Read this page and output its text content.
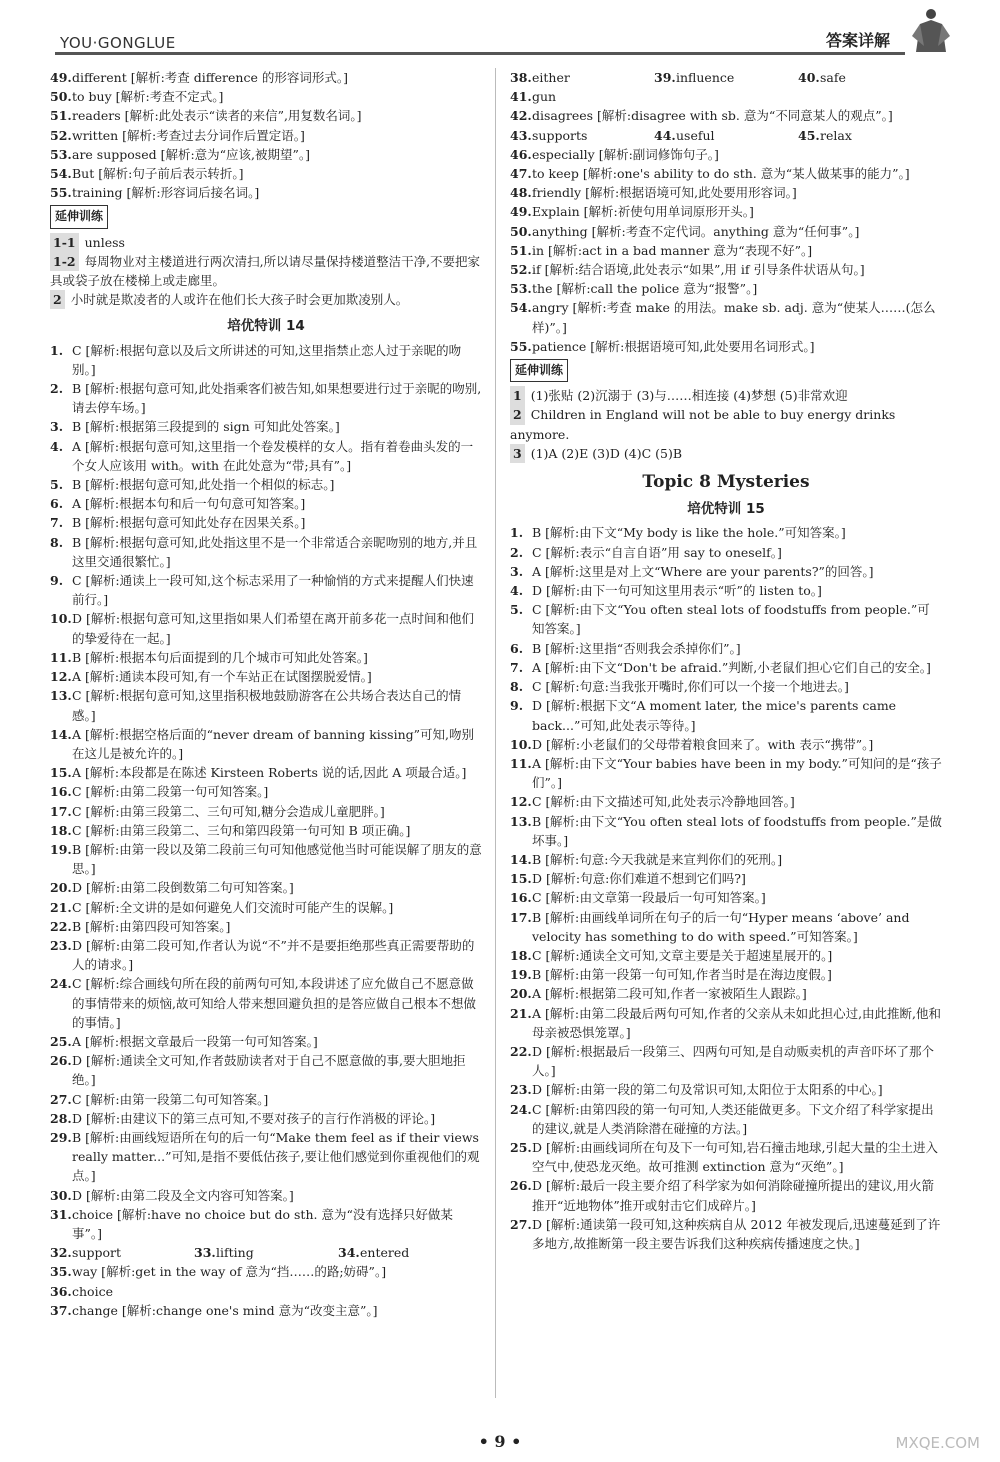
YOU·GONGLUE	答案详解
49.different [解析:考查 difference 的形容词形式。]
50.to buy [解析:考查不定式。]
51.readers [解析:此处表示“读者的来信”,用复数名词。]
52.written [解析:考查过去分词作后置定语。]
53.are supposed [解析:意为“应该,被期望”。]
54.But [解析:句子前后表示转折。]
55.training [解析:形容词后接名词。]
延伸训练
1-1 unless
1-2 每周物业对主楼道进行两次清扫,所以请尽量保持楼道整洁干净,不要把家具或袋子放在楼梯上或走廊里。
2 小时就是欺凌者的人或许在他们长大孩子时会更加欺凌别人。
培优特训 14
1. C [解析:根据句意以及后文所讲述的可知,这里指禁止恋人过于亲昵的吻别。]
2. B [解析:根据句意可知,此处指乘客们被告知,如果想要进行过于亲昵的吻别,请去停车场。]
3. B [解析:根据第三段提到的 sign 可知此处答案。]
4. A [解析:根据句意可知,这里指一个卷发模样的女人。指有着卷曲头发的一个女人应该用 with。with 在此处意为“带;具有”。]
5. B [解析:根据句意可知,此处指一个相似的标志。]
6. A [解析:根据本句和后一句句意可知答案。]
7. B [解析:根据句意可知此处存在因果关系。]
8. B [解析:根据句意可知,此处指这里不是一个非常适合亲昵吻别的地方,并且这里交通很繁忙。]
9. C [解析:通读上一段可知,这个标志采用了一种愉悄的方式来提醒人们快速前行。]
10.D [解析:根据句意可知,这里指如果人们希望在离开前多花一点时间和他们的挚爱待在一起。]
11.B [解析:根据本句后面提到的几个城市可知此处答案。]
12.A [解析:通读本段可知,有一个车站正在试图摆脱爱情。]
13.C [解析:根据句意可知,这里指积极地鼓励游客在公共场合表达自己的情感。]
14.A [解析:根据空格后面的“never dream of banning kissing”可知,吻别在这儿是被允许的。]
15.A [解析:本段都是在陈述 Kirsteen Roberts 说的话,因此 A 项最合适。]
16.C [解析:由第二段第一句可知答案。]
17.C [解析:由第三段第二、三句可知,糖分会造成儿童肥胖。]
18.C [解析:由第三段第二、三句和第四段第一句可知 B 项正确。]
19.B [解析:由第一段以及第二段前三句可知他感觉他当时可能误解了朋友的意思。]
20.D [解析:由第二段倒数第二句可知答案。]
21.C [解析:全文讲的是如何避免人们交流时可能产生的误解。]
22.B [解析:由第四段可知答案。]
23.D [解析:由第二段可知,作者认为说“不”并不是要拒绝那些真正需要帮助的人的请求。]
24.C [解析:综合画线句所在段的前两句可知,本段讲述了应允做自己不愿意做的事情带来的烦恼,故可知给人带来想回避负担的是答应做自己根本不想做的事情。]
25.A [解析:根据文章最后一段第一句可知答案。]
26.D [解析:通读全文可知,作者鼓励读者对于自己不愿意做的事,要大胆地拒绝。]
27.C [解析:由第一段第二句可知答案。]
28.D [解析:由建议下的第三点可知,不要对孩子的言行作消极的评论。]
29.B [解析:由画线短语所在句的后一句“Make them feel as if their views really matter...”可知,是指不要低估孩子,要让他们感觉到你重视他们的观点。]
30.D [解析:由第二段及全文内容可知答案。]
31.choice [解析:have no choice but do sth. 意为“没有选择只好做某事”。]
32.support	33.lifting	34.entered
35.way [解析:get in the way of 意为“挡……的路;妨碍”。]
36.choice
37.change [解析:change one's mind 意为“改变主意”。]
38.either	39.influence	40.safe
41.gun
42.disagrees [解析:disagree with sb. 意为“不同意某人的观点”。]
43.supports	44.useful	45.relax
46.especially [解析:副词修饰句子。]
47.to keep [解析:one's ability to do sth. 意为“某人做某事的能力”。]
48.friendly [解析:根据语境可知,此处要用形容词。]
49.Explain [解析:祈使句用单词原形开头。]
50.anything [解析:考查不定代词。anything 意为“任何事”。]
51.in [解析:act in a bad manner 意为“表现不好”。]
52.if [解析:结合语境,此处表示“如果”,用 if 引导条件状语从句。]
53.the [解析:call the police 意为“报警”。]
54.angry [解析:考查 make 的用法。make sb. adj. 意为“使某人……(怎么样)”。]
55.patience [解析:根据语境可知,此处要用名词形式。]
延伸训练
1 (1)张贴 (2)沉溺于 (3)与……相连接 (4)梦想 (5)非常欢迎
2 Children in England will not be able to buy energy drinks anymore.
3 (1)A (2)E (3)D (4)C (5)B
Topic 8 Mysteries
培优特训 15
1. B [解析:由下文“My body is like the hole.”可知答案。]
2. C [解析:表示“自言自语”用 say to oneself。]
3. A [解析:这里是对上文“Where are your parents?”的回答。]
4. D [解析:由下一句可知这里用表示“听”的 listen to。]
5. C [解析:由下文“You often steal lots of foodstuffs from people.”可知答案。]
6. B [解析:这里指“否则我会杀掉你们”。]
7. A [解析:由下文“Don't be afraid.”判断,小老鼠们担心它们自己的安全。]
8. C [解析:句意:当我张开嘴时,你们可以一个接一个地进去。]
9. D [解析:根据下文“A moment later, the mice's parents came back...”可知,此处表示等待。]
10.D [解析:小老鼠们的父母带着粮食回来了。with 表示“携带”。]
11.A [解析:由下文“Your babies have been in my body.”可知问的是“孩子们”。]
12.C [解析:由下文描述可知,此处表示冷静地回答。]
13.B [解析:由下文“You often steal lots of foodstuffs from people.”是做坏事。]
14.B [解析:句意:今天我就是来宣判你们的死刑。]
15.D [解析:句意:你们难道不想到它们吗?]
16.C [解析:由文章第一段最后一句可知答案。]
17.B [解析:由画线单词所在句子的后一句“Hyper means ‘above’ and velocity has something to do with speed.”可知答案。]
18.C [解析:通读全文可知,文章主要是关于超速星展开的。]
19.B [解析:由第一段第一句可知,作者当时是在海边度假。]
20.A [解析:根据第二段可知,作者一家被陌生人跟踪。]
21.A [解析:由第二段最后两句可知,作者的父亲从未如此担心过,由此推断,他和母亲被恐惧笼罩。]
22.D [解析:根据最后一段第三、四两句可知,是自动贩卖机的声音吓坏了那个人。]
23.D [解析:由第一段的第二句及常识可知,太阳位于太阳系的中心。]
24.C [解析:由第四段的第一句可知,人类还能做更多。下文介绍了科学家提出的建议,就是人类消除潜在碰撞的方法。]
25.D [解析:由画线词所在句及下一句可知,岩石撞击地球,引起大量的尘土进入空气中,使恐龙灭绝。故可推测 extinction 意为“灭绝”。]
26.D [解析:最后一段主要介绍了科学家为如何消除碰撞所提出的建议,用火箭推开“近地物体”推开或射击它们成碎片。]
27.D [解析:通读第一段可知,这种疾病自从 2012 年被发现后,迅速蔓延到了许多地方,故推断第一段主要告诉我们这种疾病传播速度之快。]
• 9 •	MXQE.COM
